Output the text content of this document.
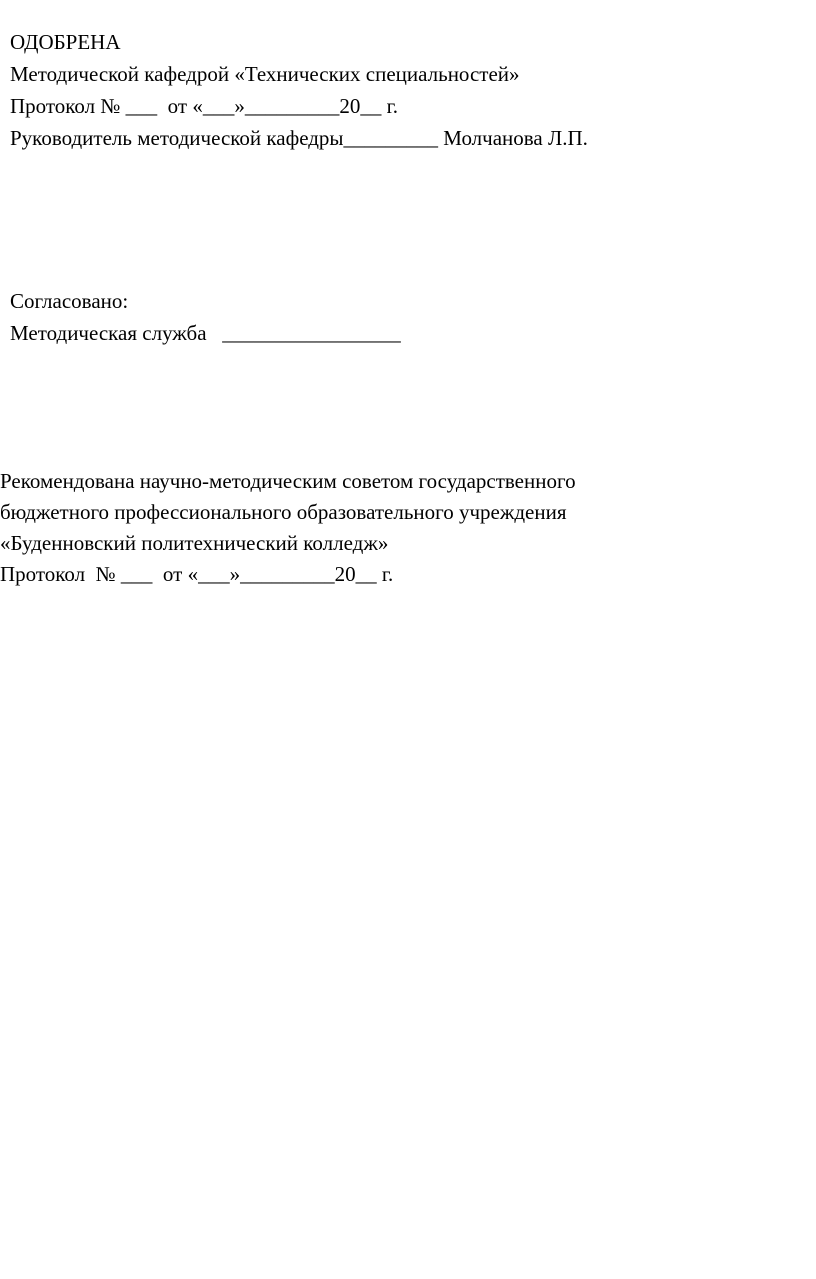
ОДОБРЕНА
Методической кафедрой «Технических специальностей»
Протокол № ___  от «___»_________20__ г.
Руководитель методической кафедры_________ Молчанова Л.П.
Согласовано:
Методическая служба   _________________
Рекомендована научно-методическим советом государственного
бюджетного профессионального образовательного учреждения
«Буденновский политехнический колледж»
Протокол  № ___  от «___»_________20__ г.
